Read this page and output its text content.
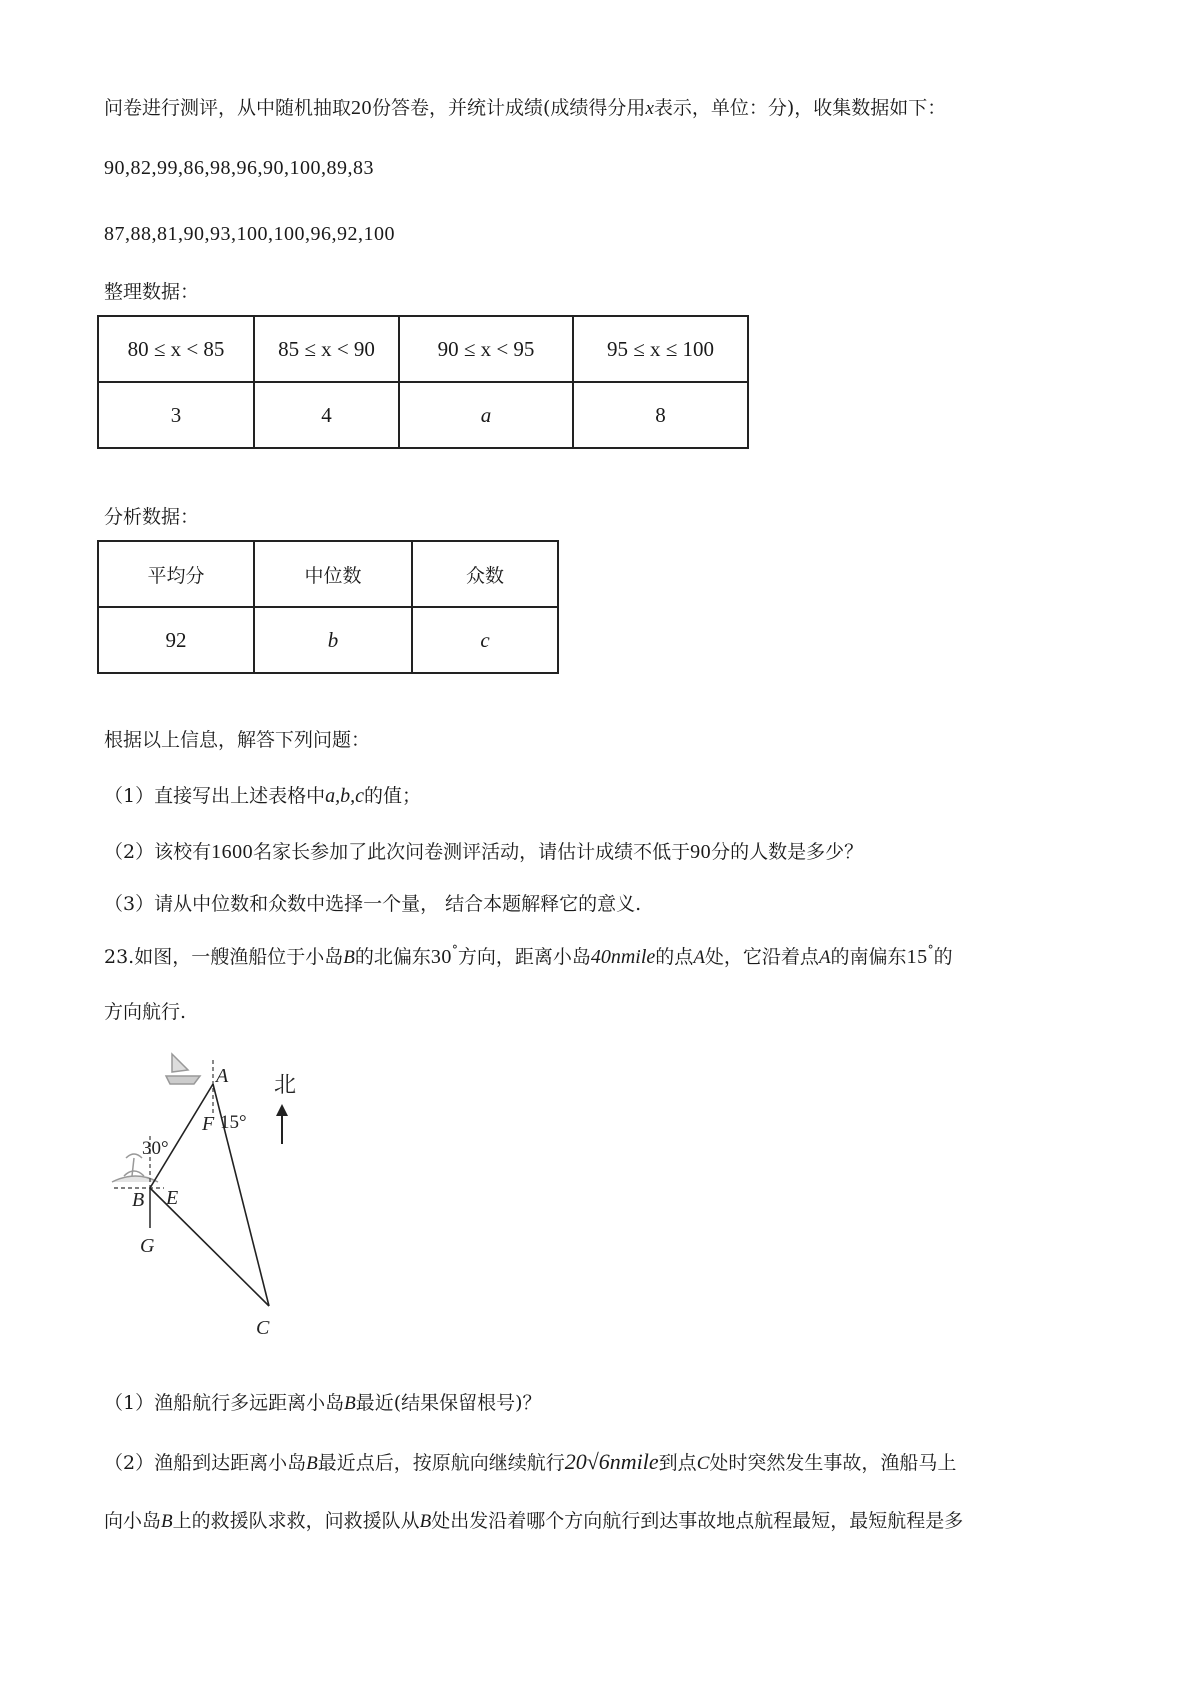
问卷进行测评，从中随机抽取20份答卷，并统计成绩(成绩得分用x表示，单位：分)，收集数据如下：
90,82,99,86,98,96,90,100,89,83
87,88,81,90,93,100,100,96,92,100
整理数据：
80 ≤ x < 85	85 ≤ x < 90	90 ≤ x < 95	95 ≤ x ≤ 100
3	4	a	8
分析数据：
平均分	中位数	众数
92	b	c
根据以上信息，解答下列问题：
（1）直接写出上述表格中a,b,c的值；
（2）该校有1600名家长参加了此次问卷测评活动，请估计成绩不低于90分的人数是多少？
（3）请从中位数和众数中选择一个量， 结合本题解释它的意义.
23.如图，一艘渔船位于小岛B的北偏东30°方向，距离小岛40nmile的点A处，它沿着点A的南偏东15°的
方向航行.
北
A
F 15°
30°
B E
G
C
（1）渔船航行多远距离小岛B最近(结果保留根号)？
（2）渔船到达距离小岛B最近点后，按原航向继续航行20√6nmile到点C处时突然发生事故，渔船马上
向小岛B上的救援队求救，问救援队从B处出发沿着哪个方向航行到达事故地点航程最短，最短航程是多
